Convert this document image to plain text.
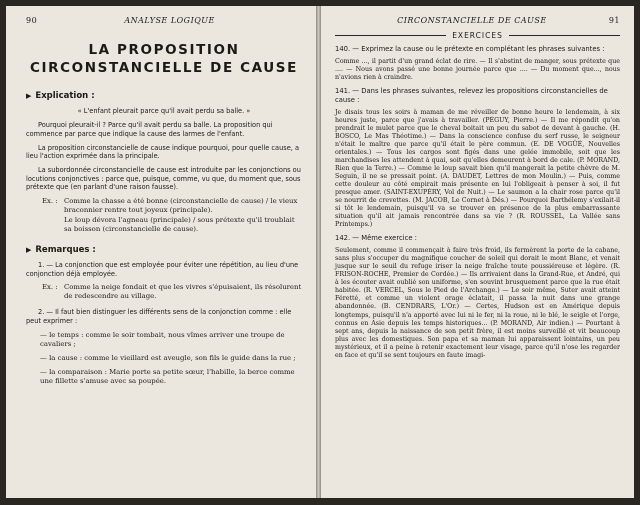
90	ANALYSE LOGIQUE
LA PROPOSITION
CIRCONSTANCIELLE DE CAUSE
▶ Explication :

« L'enfant pleurait parce qu'il avait perdu sa balle. »

Pourquoi pleurait-il ? Parce qu'il avait perdu sa balle. La proposition qui commence par parce que indique la cause des larmes de l'enfant.

La proposition circonstancielle de cause indique pourquoi, pour quelle cause, a lieu l'action exprimée dans la principale.

La subordonnée circonstancielle de cause est introduite par les conjonctions ou locutions conjonctives : parce que, puisque, comme, vu que, du moment que, sous prétexte que (en parlant d'une raison fausse).

Ex. : Comme la chasse a été bonne (circonstancielle de cause) / le vieux braconnier rentre tout joyeux (principale).
Le loup dévora l'agneau (principale) / sous prétexte qu'il troublait sa boisson (circonstancielle de cause).
▶ Remarques :

1. — La conjonction que est employée pour éviter une répétition, au lieu d'une conjonction déjà employée.

Ex. : Comme la neige fondait et que les vivres s'épuisaient, ils résolurent de redescendre au village.

2. — Il faut bien distinguer les différents sens de la conjonction comme : elle peut exprimer :

— le temps : comme le soir tombait, nous vîmes arriver une troupe de cavaliers ;
— la cause : comme le vieillard est aveugle, son fils le guide dans la rue ;
— la comparaison : Marie porte sa petite sœur, l'habille, la berce comme une fillette s'amuse avec sa poupée.
CIRCONSTANCIELLE DE CAUSE	91
EXERCICES
140. — Exprimez la cause ou le prétexte en complétant les phrases suivantes :

Comme ..., il partit d'un grand éclat de rire. — Il s'abstint de manger, sous prétexte que .... — Nous avons passé une bonne journée parce que .... — Du moment que..., nous n'avions rien à craindre.

141. — Dans les phrases suivantes, relevez les propositions circonstancielles de cause :

Je disais tous les soirs à maman de me réveiller de bonne heure le lendemain, à six heures juste, parce que j'avais à travailler. (PÉGUY, Pierre.) — Il me répondit qu'on prendrait le mulet parce que le cheval boitait un peu du sabot de devant à gauche. (H. BOSCO, Le Mas Théotime.) — Dans la conscience confuse du serf russe, le seigneur n'était le maître que parce qu'il était le père commun. (E. DE VOGÜÉ, Nouvelles orientales.) — Tous les cargos sont figés dans une gelée immobile, soit que les marchandises les attendent à quai, soit qu'elles demeurent à bord de cale. (P. MORAND, Rien que la Terre.) — Comme le loup savait bien qu'il mangerait la petite chèvre de M. Seguin, il ne se pressait point. (A. DAUDET, Lettres de mon Moulin.) — Puis, comme cette douleur au côté empirait mais présente en lui l'obligeait à penser à soi, il fut presque amer. (SAINT-EXUPÉRY, Vol de Nuit.) — Le saumon a la chair rose parce qu'il se nourrit de crevettes. (M. JACOB, Le Cornet à Dés.) — Pourquoi Barthélemy s'exilait-il si tôt le lendemain, puisqu'il va se trouver en présence de la plus embarrassante situation qu'il ait jamais rencontrée dans sa vie ? (R. ROUSSEL, La Vallée sans Printemps.)

142. — Même exercice :

Seulement, comme il commençait à faire très froid, ils fermèrent la porte de la cabane, sans plus s'occuper du magnifique coucher de soleil qui dorait le mont Blanc, et venait jusque sur le seuil du refuge iriser la neige fraîche toute poussiéreuse et légère. (R. FRISON-ROCHE, Premier de Cordée.) — Ils arrivaient dans la Grand-Rue, et André, qui à les écouter avait oublié son uniforme, s'en souvint brusquement parce que la rue était habitée. (R. VERCEL, Sous le Pied de l'Archange.) — Le soir même, Suter avait atteint Féretté, et comme un violent orage éclatait, il passa la nuit dans une grange abandonnée. (B. CENDRARS, L'Or.) — Certes, Hudson est en Amérique depuis longtemps, puisqu'il n'a apporté avec lui ni le fer, ni la roue, ni le blé, le seigle et l'orge, connus en Asie depuis les temps historiques... (P. MORAND, Air indien.) — Pourtant à sept ans, depuis la naissance de son petit frère, il est moins surveillé et vit beaucoup plus avec les domestiques. Son papa et sa maman lui apparaissent lointains, un peu mystérieux, et il a peine à retenir exactement leur visage, parce qu'il n'ose les regarder en face et qu'il se sent toujours en faute imagi-
